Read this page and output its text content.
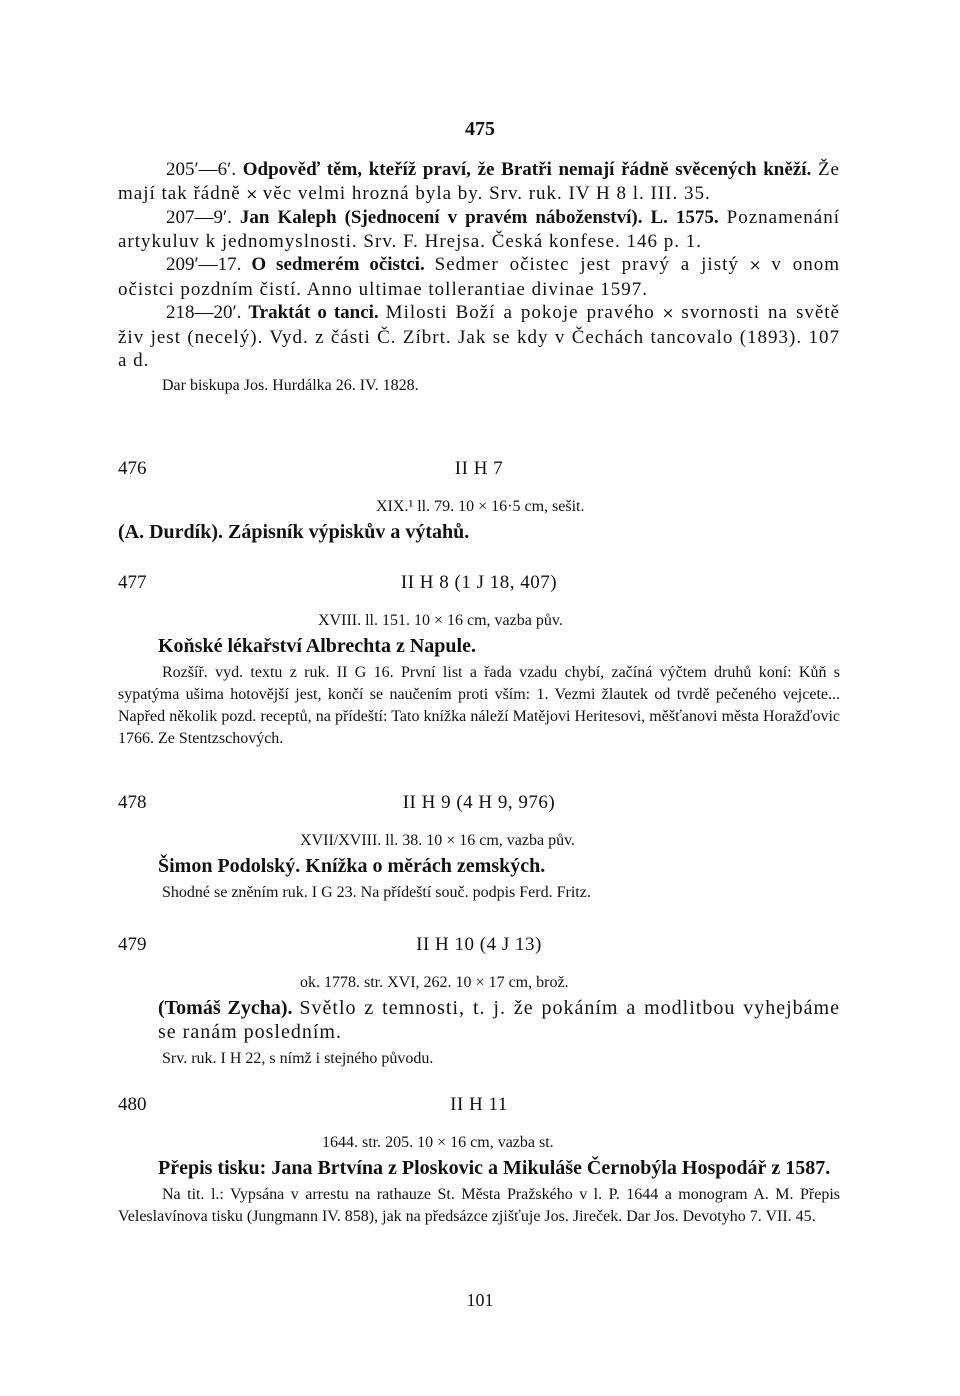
475

205′—6′. Odpověď těm, kteříž praví, že Bratři nemají řádně svěcených kněží. Že mají tak řádně × věc velmi hrozná byla by. Srv. ruk. IV H 8 l. III. 35.

207—9′. Jan Kaleph (Sjednocení v pravém náboženství). L. 1575. Poznamenání artykuluv k jednomyslnosti. Srv. F. Hrejsa. Česká konfese. 146 p. 1.

209′—17. O sedmerém očistci. Sedmer očistec jest pravý a jistý × v onom očistci pozdním čistí. Anno ultimae tollerantiae divinae 1597.

218—20′. Traktát o tanci. Milosti Boží a pokoje pravého × svornosti na světě živ jest (necelý). Vyd. z části Č. Zíbrt. Jak se kdy v Čechách tancovalo (1893). 107 a d.

Dar biskupa Jos. Hurdálka 26. IV. 1828.

476	II H 7

XIX.¹ ll. 79. 10 × 16·5 cm, sešit.

(A. Durdík). Zápisník výpiskův a výtahů.

477	II H 8 (1 J 18, 407)

XVIII. ll. 151. 10 × 16 cm, vazba pův.

Koňské lékařství Albrechta z Napule.

Rozšíř. vyd. textu z ruk. II G 16. První list a řada vzadu chybí, začíná výčtem druhů koní: Kůň s sypatýma ušima hotovější jest, končí se naučením proti vším: 1. Vezmi žlautek od tvrdě pečeného vejcete... Napřed několik pozd. receptů, na přídeští: Tato knížka náleží Matějovi Heritesovi, měšťanovi města Horažďovic 1766. Ze Stentzschových.

478	II H 9 (4 H 9, 976)

XVII/XVIII. ll. 38. 10 × 16 cm, vazba pův.

Šimon Podolský. Knížka o měrách zemských.

Shodné se zněním ruk. I G 23. Na přídeští souč. podpis Ferd. Fritz.

479	II H 10 (4 J 13)

ok. 1778. str. XVI, 262. 10 × 17 cm, brož.

(Tomáš Zycha). Světlo z temnosti, t. j. že pokáním a modlitbou vyhejbáme se ranám posledním.

Srv. ruk. I H 22, s nímž i stejného původu.

480	II H 11

1644. str. 205. 10 × 16 cm, vazba st.

Přepis tisku: Jana Brtvína z Ploskovic a Mikuláše Černobýla Hospodář z 1587.

Na tit. l.: Vypsána v arrestu na rathauze St. Města Pražského v l. P. 1644 a monogram A. M. Přepis Veleslavínova tisku (Jungmann IV. 858), jak na předsázce zjišťuje Jos. Jireček. Dar Jos. Devotyho 7. VII. 45.

101
